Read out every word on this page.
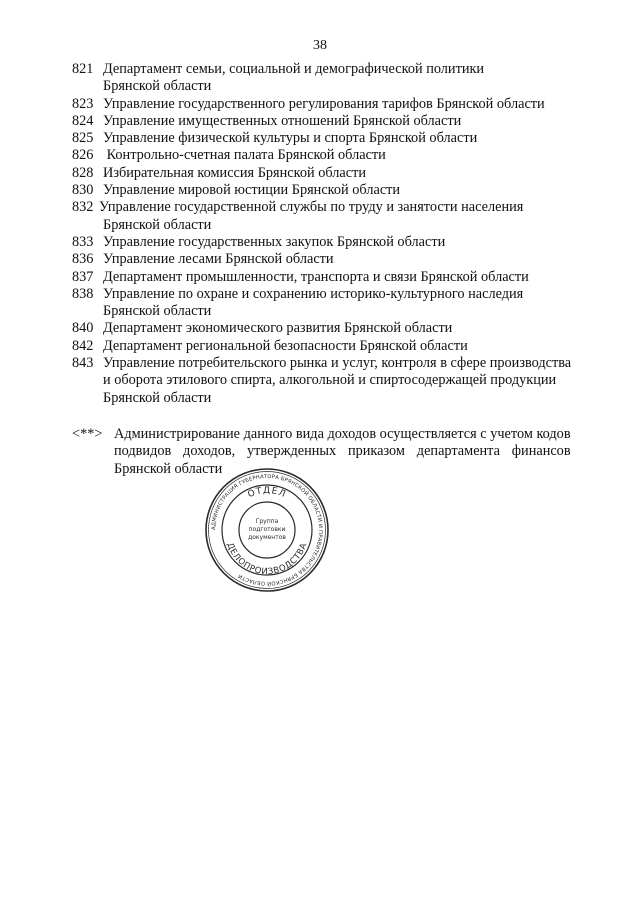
38
821 Департамент семьи, социальной и демографической политики
Брянской области
823 Управление государственного регулирования тарифов Брянской области
824 Управление имущественных отношений Брянской области
825 Управление физической культуры и спорта Брянской области
826 Контрольно-счетная палата Брянской области
828 Избирательная комиссия Брянской области
830 Управление мировой юстиции Брянской области
832 Управление государственной службы по труду и занятости населения
Брянской области
833 Управление государственных закупок Брянской области
836 Управление лесами Брянской области
837 Департамент промышленности, транспорта и связи Брянской области
838 Управление по охране и сохранению историко-культурного наследия
Брянской области
840 Департамент экономического развития Брянской области
842 Департамент региональной безопасности Брянской области
843 Управление потребительского рынка и услуг, контроля в сфере производства
и оборота этилового спирта, алкогольной и спиртосодержащей продукции
Брянской области
<**> Администрирование данного вида доходов осуществляется с учетом кодов
подвидов доходов, утвержденных приказом департамента финансов
Брянской области
АДМИНИСТРАЦИЯ ГУБЕРНАТОРА БРЯНСКОЙ ОБЛАСТИ И ПРАВИТЕЛЬСТВА БРЯНСКОЙ ОБЛАСТИ
ОТДЕЛ
ДЕЛОПРОИЗВОДСТВА
Группа
подготовки
документов
